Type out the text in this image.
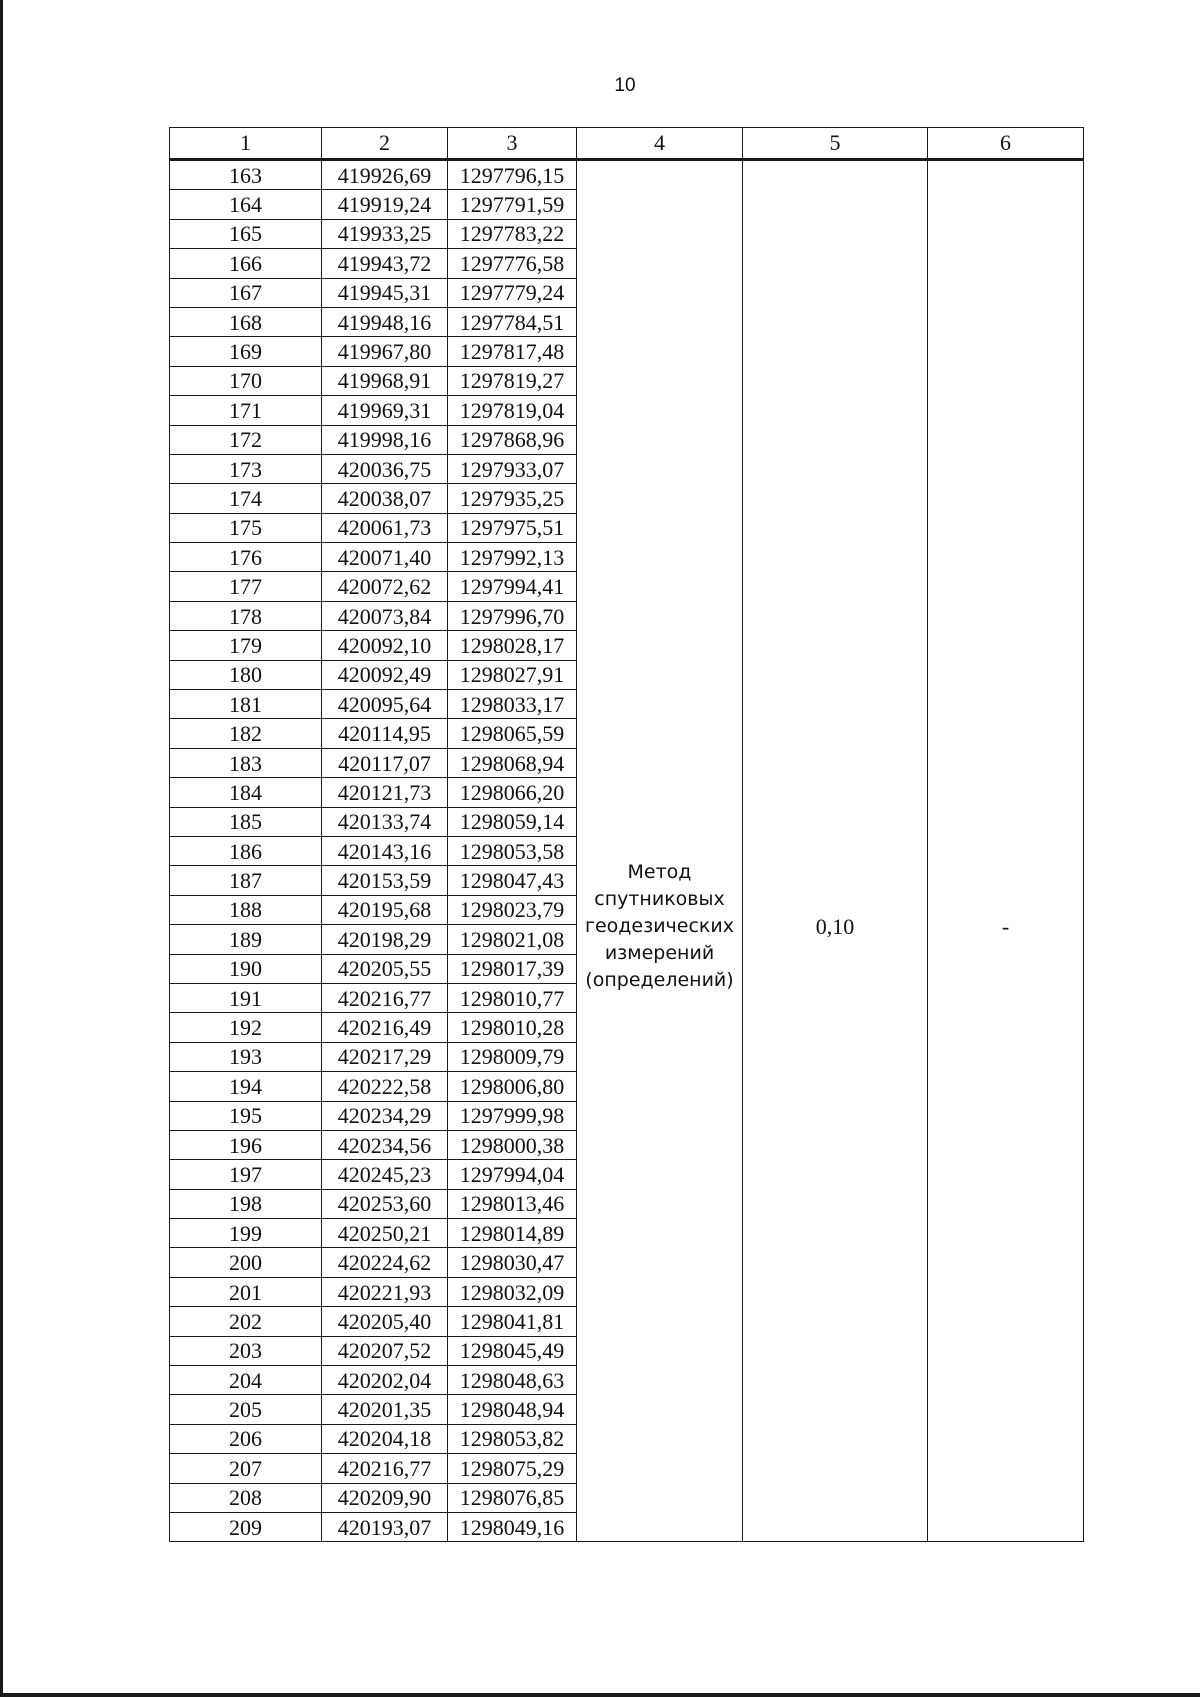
10
1	2	3	4	5	6
163	419926,69	1297796,15	Метод спутниковых геодезических измерений (определений)	0,10	-

164	419919,24	1297791,59			
165	419933,25	1297783,22			
166	419943,72	1297776,58			
167	419945,31	1297779,24			
168	419948,16	1297784,51			
169	419967,80	1297817,48			
170	419968,91	1297819,27			
171	419969,31	1297819,04			
172	419998,16	1297868,96			
173	420036,75	1297933,07			
174	420038,07	1297935,25			
175	420061,73	1297975,51			
176	420071,40	1297992,13			
177	420072,62	1297994,41			
178	420073,84	1297996,70			
179	420092,10	1298028,17			
180	420092,49	1298027,91			
181	420095,64	1298033,17			
182	420114,95	1298065,59			
183	420117,07	1298068,94			
184	420121,73	1298066,20			
185	420133,74	1298059,14			
186	420143,16	1298053,58			
187	420153,59	1298047,43			
188	420195,68	1298023,79			
189	420198,29	1298021,08			
190	420205,55	1298017,39			
191	420216,77	1298010,77			
192	420216,49	1298010,28			
193	420217,29	1298009,79			
194	420222,58	1298006,80			
195	420234,29	1297999,98			
196	420234,56	1298000,38			
197	420245,23	1297994,04			
198	420253,60	1298013,46			
199	420250,21	1298014,89			
200	420224,62	1298030,47			
201	420221,93	1298032,09			
202	420205,40	1298041,81			
203	420207,52	1298045,49			
204	420202,04	1298048,63			
205	420201,35	1298048,94			
206	420204,18	1298053,82			
207	420216,77	1298075,29			
208	420209,90	1298076,85			
209	420193,07	1298049,16			
